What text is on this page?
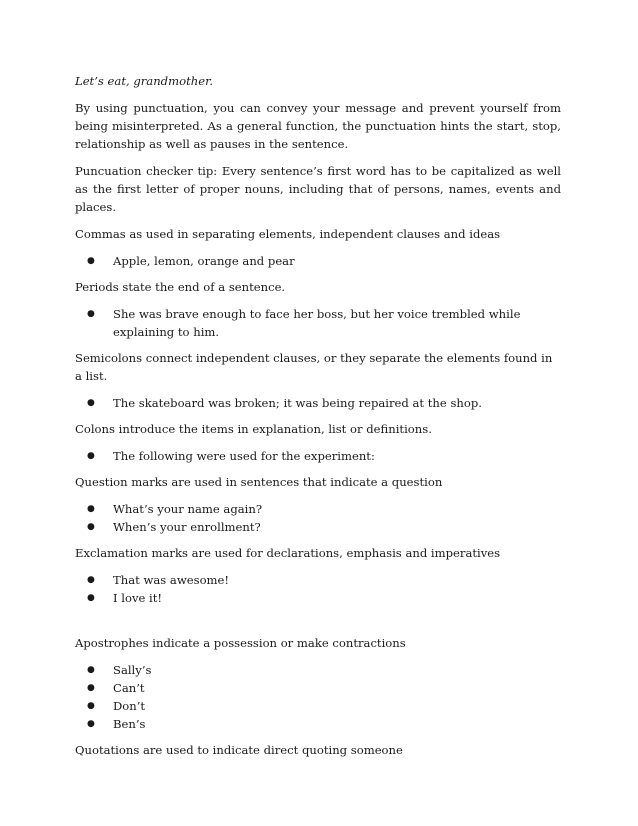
Let’s eat, grandmother.

By using punctuation, you can convey your message and prevent yourself from being misinterpreted. As a general function, the punctuation hints the start, stop, relationship as well as pauses in the sentence.

Puncuation checker tip: Every sentence’s first word has to be capitalized as well as the first letter of proper nouns, including that of persons, names, events and places.

Commas as used in separating elements, independent clauses and ideas

● Apple, lemon, orange and pear

Periods state the end of a sentence.

● She was brave enough to face her boss, but her voice trembled while explaining to him.

Semicolons connect independent clauses, or they separate the elements found in a list.

● The skateboard was broken; it was being repaired at the shop.

Colons introduce the items in explanation, list or definitions.

● The following were used for the experiment:

Question marks are used in sentences that indicate a question

● What’s your name again?
● When’s your enrollment?

Exclamation marks are used for declarations, emphasis and imperatives

● That was awesome!
● I love it!

Apostrophes indicate a possession or make contractions

● Sally’s
● Can’t
● Don’t
● Ben’s

Quotations are used to indicate direct quoting someone
